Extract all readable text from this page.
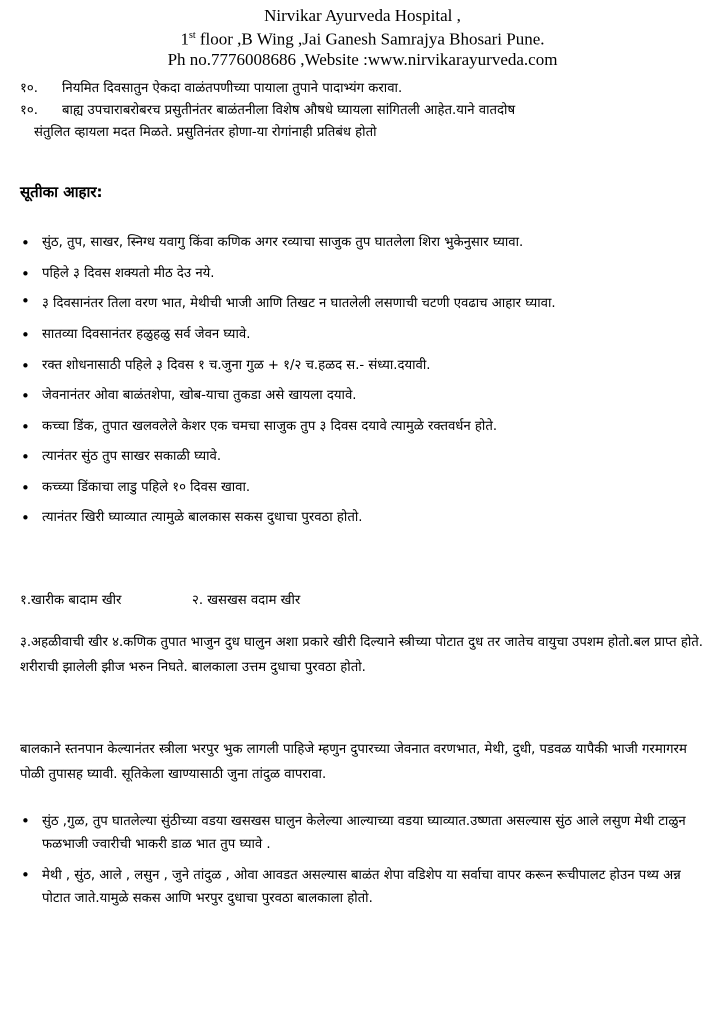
Nirvikar Ayurveda Hospital ,
1st floor ,B Wing ,Jai Ganesh Samrajya Bhosari Pune.
Ph no.7776008686 ,Website :www.nirvikarayurveda.com
१०.	नियमित दिवसातुन ऐकदा वाळंतपणीच्या पायाला तुपाने पादाभ्यंग करावा.
१०.	बाह्य उपचाराबरोबरच प्रसुतीनंतर बाळंतनीला विशेष औषधे घ्यायला सांगितली आहेत.याने वातदोष
संतुलित व्हायला मदत मिळते. प्रसुतिनंतर होणा-या रोगांनाही प्रतिबंध होतो
सूतीका आहार:
• सुंठ, तुप, साखर, स्निग्ध यवागु किंवा कणिक अगर रव्याचा साजुक तुप घातलेला शिरा भुकेनुसार घ्यावा.
• पहिले ३ दिवस शक्यतो मीठ देउ नये.
• ३ दिवसानंतर तिला वरण भात, मेथीची भाजी आणि तिखट न घातलेली लसणाची चटणी एवढाच आहार घ्यावा.
• सातव्या दिवसानंतर हळुहळु सर्व जेवन घ्यावे.
• रक्त शोधनासाठी पहिले ३ दिवस १ च.जुना गुळ + १/२ च.हळद स.- संध्या.दयावी.
• जेवनानंतर ओवा बाळंतशेपा, खोब-याचा तुकडा असे खायला दयावे.
• कच्चा डिंक, तुपात खलवलेले केशर एक चमचा साजुक तुप ३ दिवस दयावे त्यामुळे रक्तवर्धन होते.
• त्यानंतर सुंठ तुप साखर सकाळी घ्यावे.
• कच्च्या डिंकाचा लाडु पहिले १० दिवस खावा.
• त्यानंतर खिरी घ्याव्यात त्यामुळे बालकास सकस दुधाचा पुरवठा होतो.
१.खारीक बादाम खीर	२. खसखस वदाम खीर
३.अहळीवाची खीर ४.कणिक तुपात भाजुन दुध घालुन अशा प्रकारे खीरी दिल्याने स्त्रीच्या पोटात दुध तर जातेच वायुचा उपशम होतो.बल प्राप्त होते. शरीराची झालेली झीज भरुन निघते. बालकाला उत्तम दुधाचा पुरवठा होतो.
बालकाने स्तनपान केल्यानंतर स्त्रीला भरपुर भुक लागली पाहिजे म्हणुन दुपारच्या जेवनात वरणभात, मेथी, दुधी, पडवळ यापैकी भाजी गरमागरम पोळी तुपासह घ्यावी. सूतिकेला खाण्यासाठी जुना तांदुळ वापरावा.
• सुंठ ,गुळ, तुप घातलेल्या सुंठीच्या वडया खसखस घालुन केलेल्या आल्याच्या वडया घ्याव्यात.उष्णता असल्यास सुंठ आले लसुण मेथी टाळुन फळभाजी ज्वारीची भाकरी डाळ भात तुप घ्यावे .
• मेथी , सुंठ, आले , लसुन , जुने तांदुळ , ओवा आवडत असल्यास बाळंत शेपा वडिशेप या सर्वाचा वापर करून रूचीपालट होउन पथ्य अन्न पोटात जाते.यामुळे सकस आणि भरपुर दुधाचा पुरवठा बालकाला होतो.
